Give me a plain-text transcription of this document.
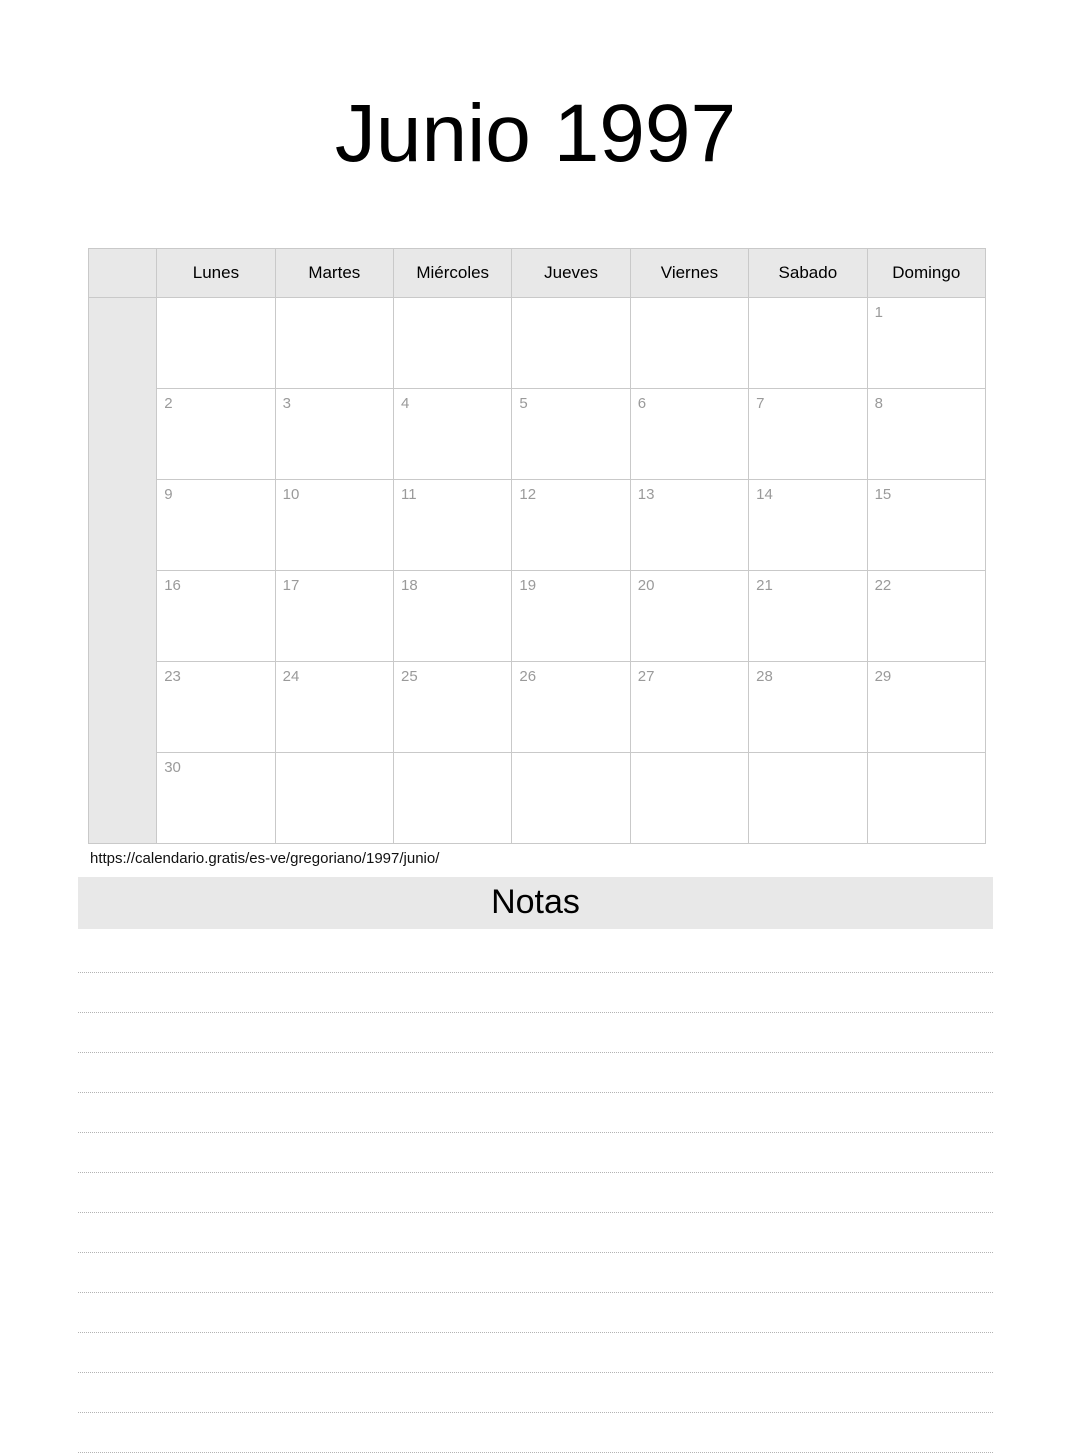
Junio 1997
	Lunes	Martes	Miércoles	Jueves	Viernes	Sabado	Domingo
							1
	2	3	4	5	6	7	8
	9	10	11	12	13	14	15
	16	17	18	19	20	21	22
	23	24	25	26	27	28	29
	30						
https://calendario.gratis/es-ve/gregoriano/1997/junio/
Notas
